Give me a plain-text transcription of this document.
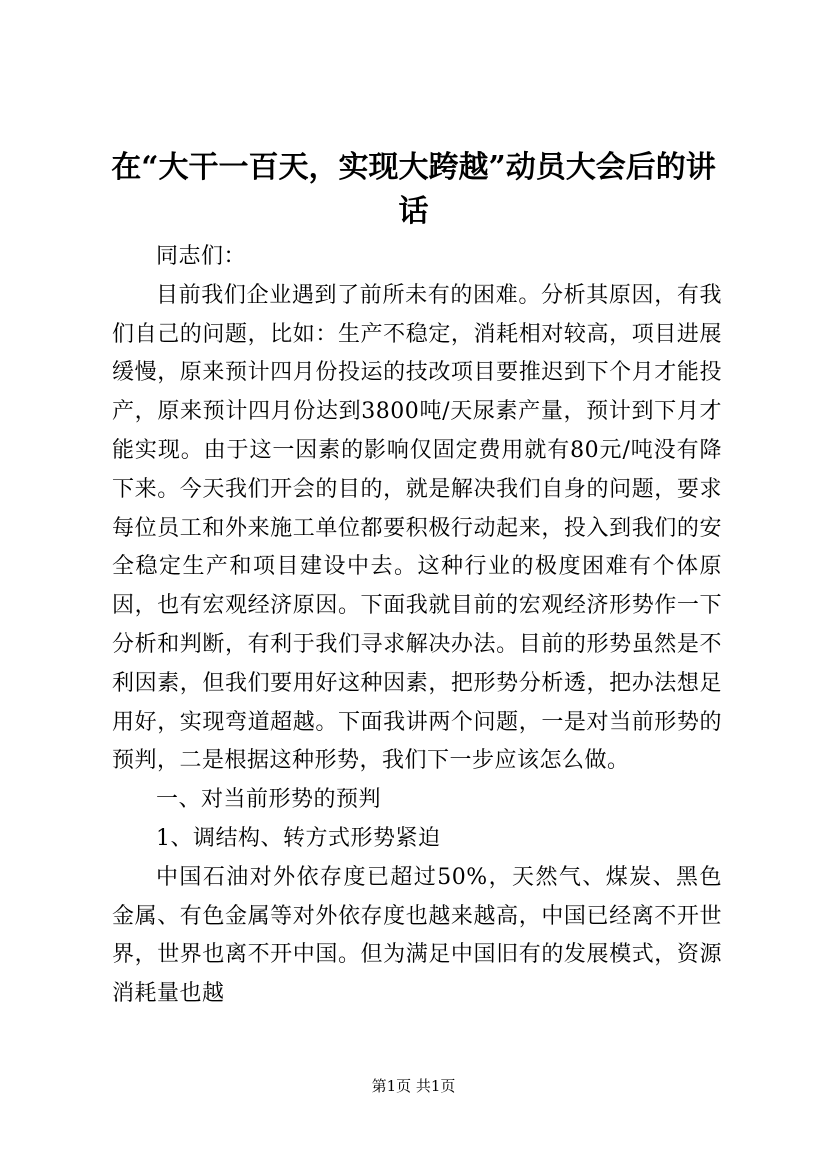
在“大干一百天，实现大跨越”动员大会后的讲话

同志们：

目前我们企业遇到了前所未有的困难。分析其原因，有我们自己的问题，比如：生产不稳定，消耗相对较高，项目进展缓慢，原来预计四月份投运的技改项目要推迟到下个月才能投产，原来预计四月份达到3800吨/天尿素产量，预计到下月才能实现。由于这一因素的影响仅固定费用就有80元/吨没有降下来。今天我们开会的目的，就是解决我们自身的问题，要求每位员工和外来施工单位都要积极行动起来，投入到我们的安全稳定生产和项目建设中去。这种行业的极度困难有个体原因，也有宏观经济原因。下面我就目前的宏观经济形势作一下分析和判断，有利于我们寻求解决办法。目前的形势虽然是不利因素，但我们要用好这种因素，把形势分析透，把办法想足用好，实现弯道超越。下面我讲两个问题，一是对当前形势的预判，二是根据这种形势，我们下一步应该怎么做。

一、对当前形势的预判

1、调结构、转方式形势紧迫

中国石油对外依存度已超过50%，天然气、煤炭、黑色金属、有色金属等对外依存度也越来越高，中国已经离不开世界，世界也离不开中国。但为满足中国旧有的发展模式，资源消耗量也越

第1页 共1页
